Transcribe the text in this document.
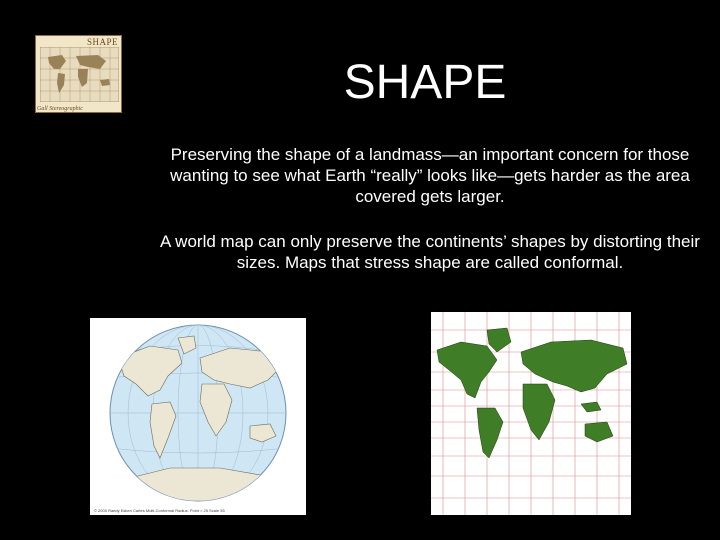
SHAPE
Gall Stereographic	SHAPE
Preserving the shape of a landmass—an important concern for those wanting to see what Earth “really” looks like—gets harder as the area covered gets larger.
A world map can only preserve the continents’ shapes by distorting their sizes. Maps that stress shape are called conformal.
© 2000 Randy Esken Cartes Multi-Conformal Radius: Point = 25 Scale 55
